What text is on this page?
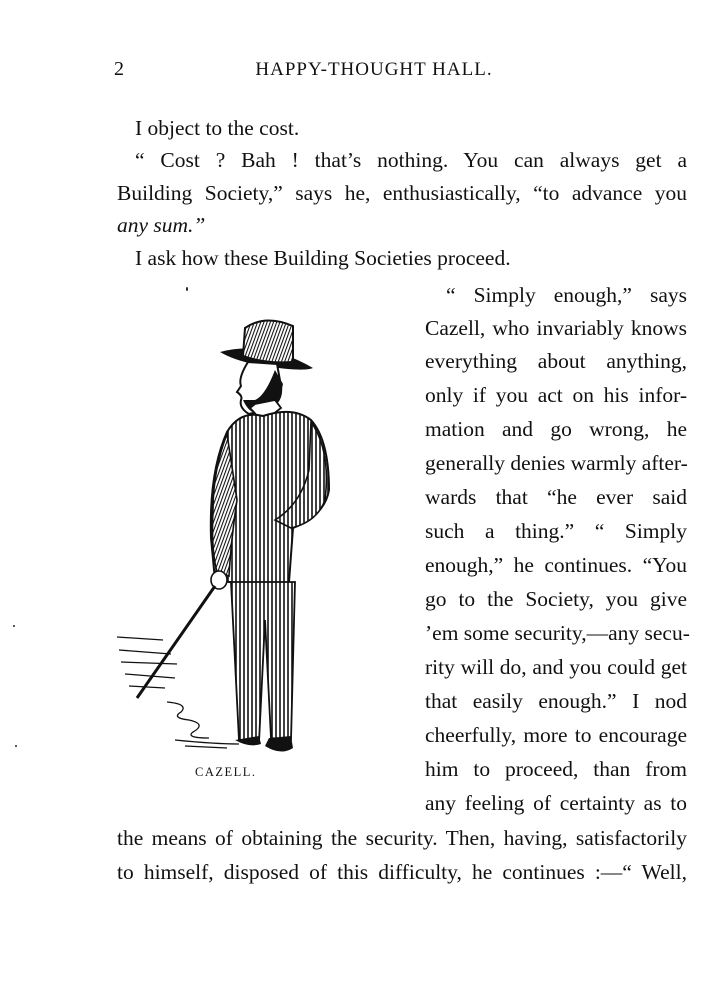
2	HAPPY-THOUGHT HALL.
I object to the cost.
“ Cost ? Bah ! that’s nothing. You can always get a
Building Society,” says he, enthusiastically, “to advance you
any sum.”
I ask how these Building Societies proceed.
“ Simply enough,” says
Cazell, who invariably knows
everything about anything,
only if you act on his infor-
mation and go wrong, he
generally denies warmly after-
wards that “he ever said
such a thing.” “ Simply
enough,” he continues. “You
go to the Society, you give
’em some security,—any secu-
rity will do, and you could get
that easily enough.” I nod
cheerfully, more to encourage
him to proceed, than from
any feeling of certainty as to
the means of obtaining the security. Then, having, satisfactorily
to himself, disposed of this difficulty, he continues :—“ Well,
CAZELL.
